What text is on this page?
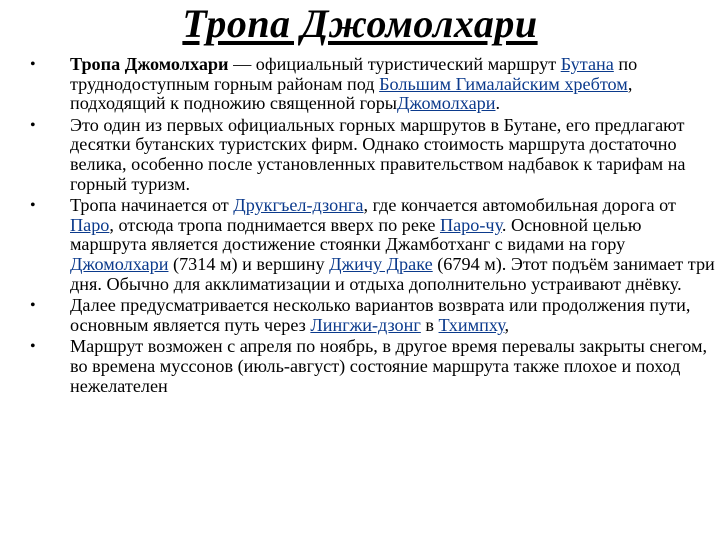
Тропа Джомолхари
• Тропа Джомолхари — официальный туристический маршрут Бутана по труднодоступным горным районам под Большим Гималайским хребтом, подходящий к подножию священной горыДжомолхари.
• Это один из первых официальных горных маршрутов в Бутане, его предлагают десятки бутанских туристских фирм. Однако стоимость маршрута достаточно велика, особенно после установленных правительством надбавок к тарифам на горный туризм.
• Тропа начинается от Друкгъел-дзонга, где кончается автомобильная дорога от Паро, отсюда тропа поднимается вверх по реке Паро-чу. Основной целью маршрута является достижение стоянки Джамботханг с видами на гору Джомолхари (7314 м) и вершину Джичу Драке (6794 м). Этот подъём занимает три дня. Обычно для акклиматизации и отдыха дополнительно устраивают днёвку.
• Далее предусматривается несколько вариантов возврата или продолжения пути, основным является путь через Лингжи-дзонг в Тхимпху,
• Маршрут возможен с апреля по ноябрь, в другое время перевалы закрыты снегом, во времена муссонов (июль-август) состояние маршрута также плохое и поход нежелателен
